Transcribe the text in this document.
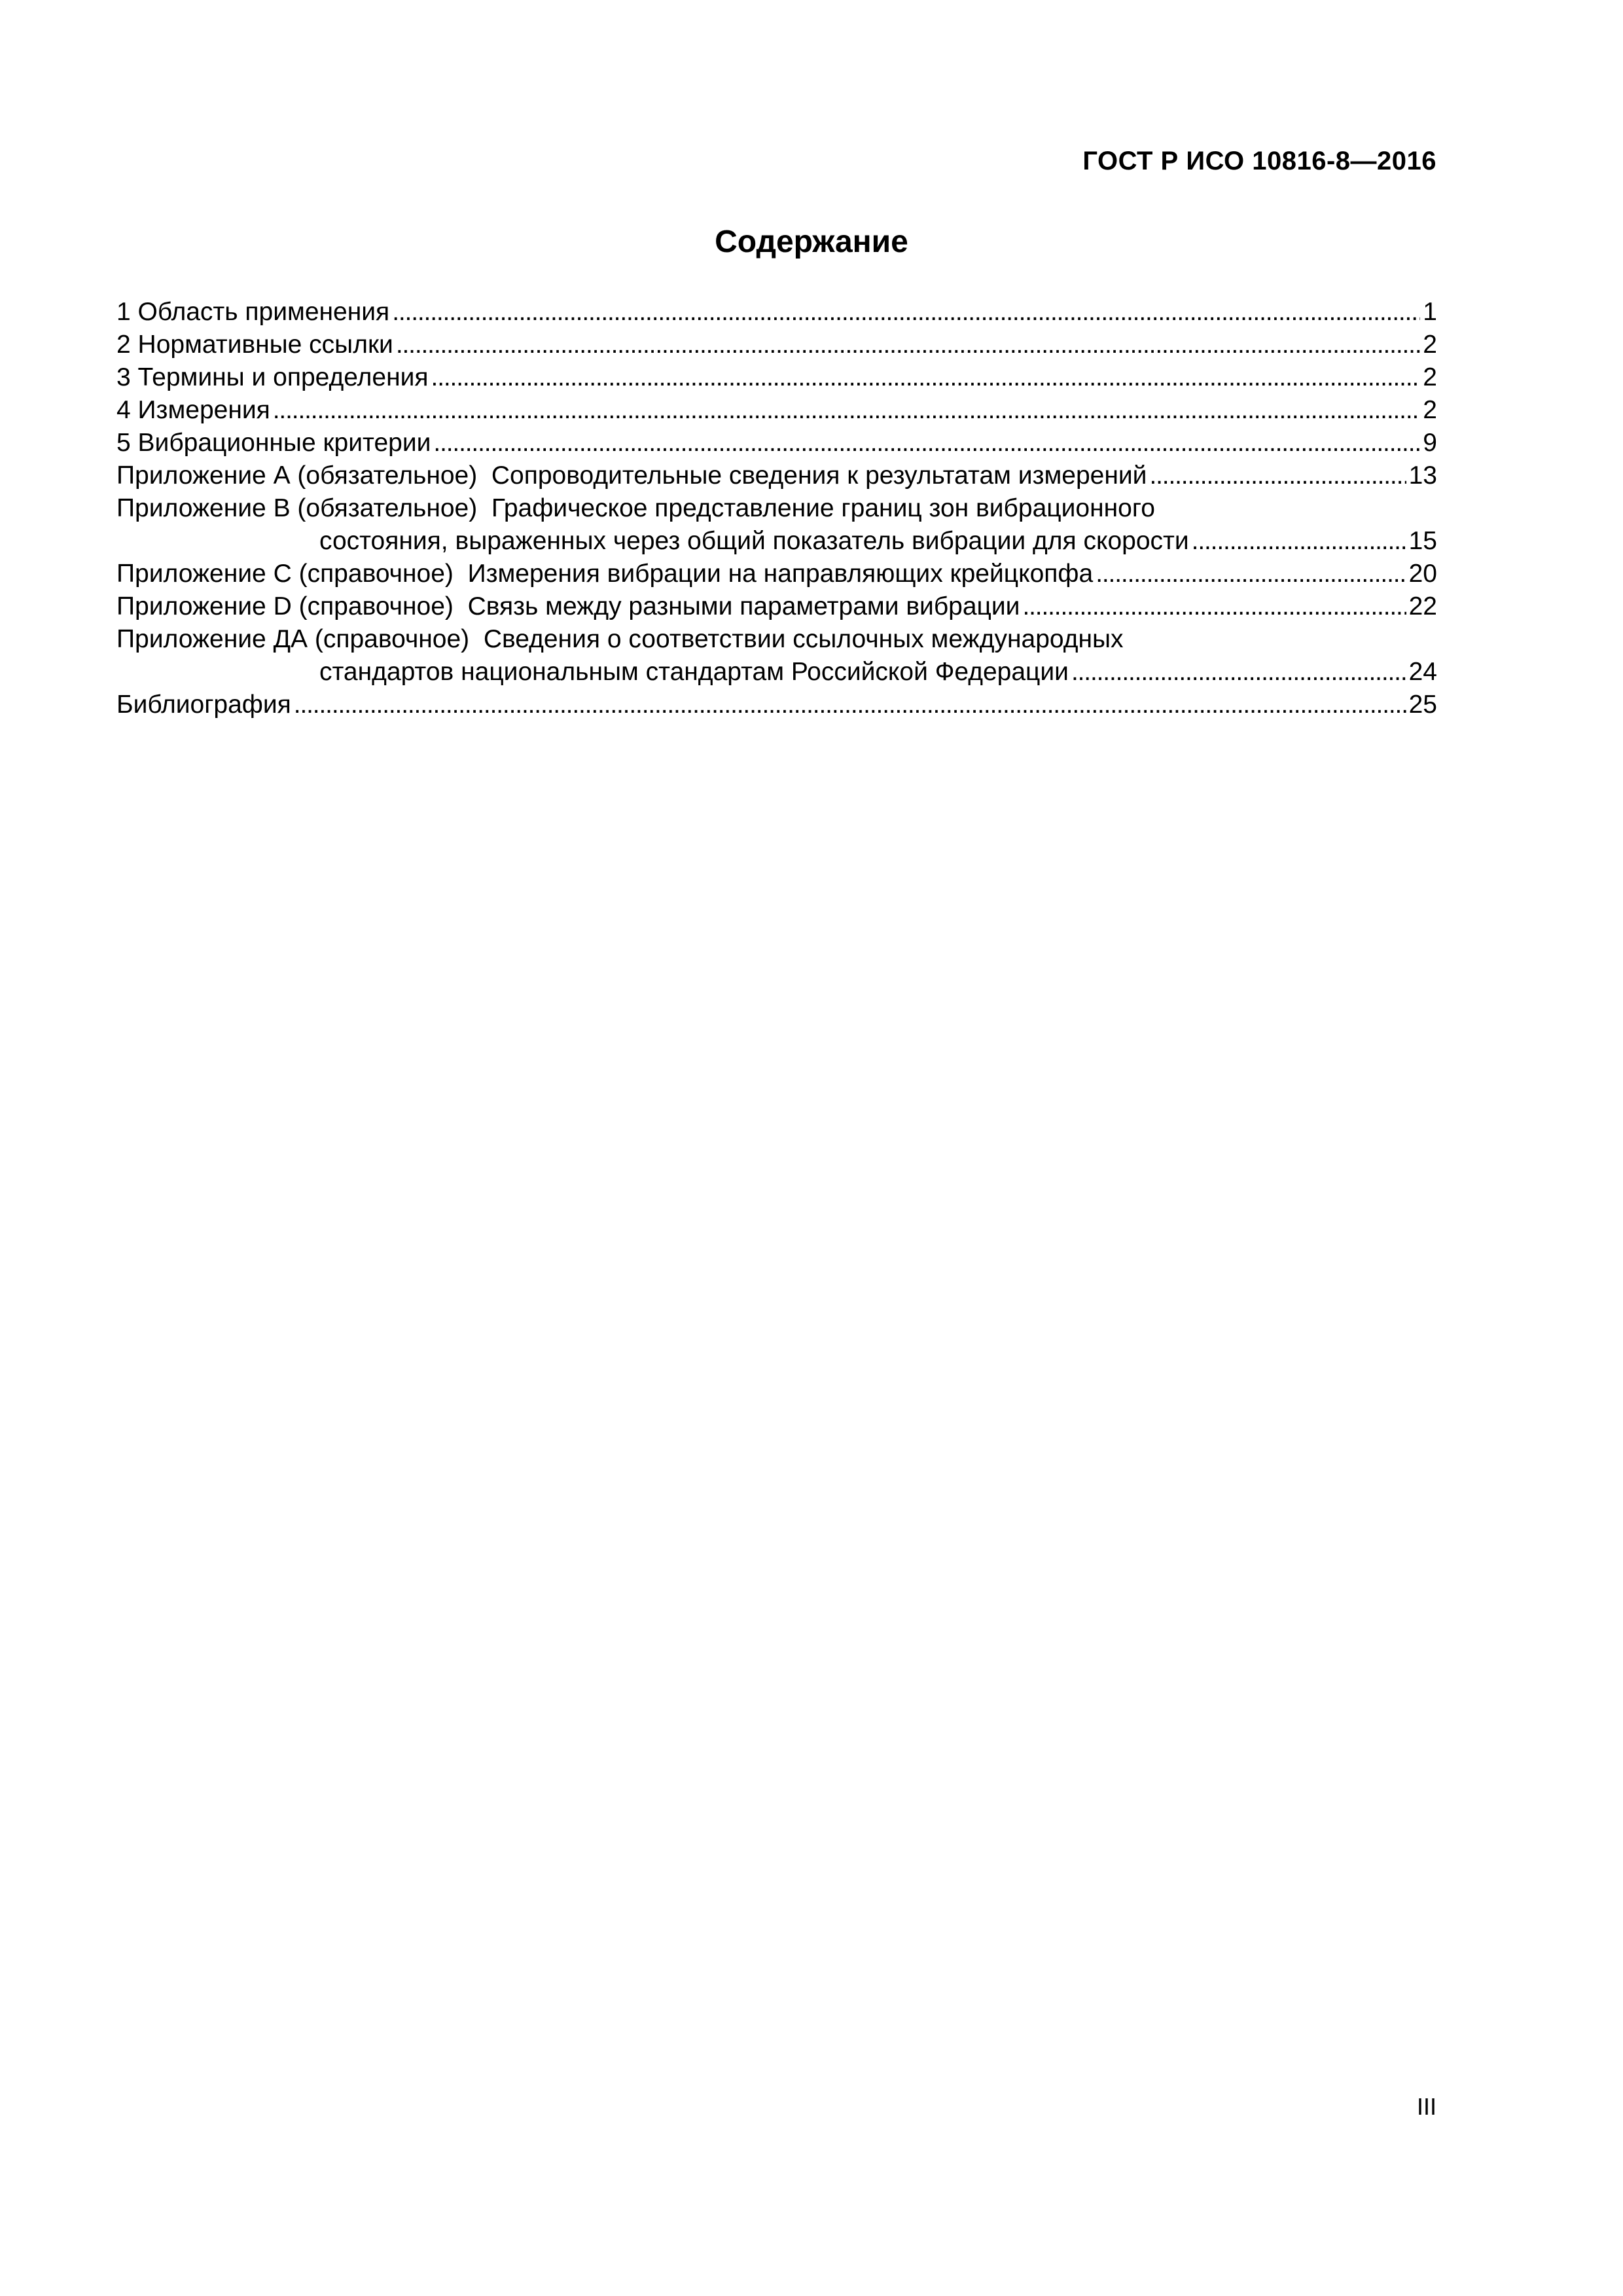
ГОСТ Р ИСО 10816-8—2016
Содержание
1 Область применения . . .	1
2 Нормативные ссылки . . .	2
3 Термины и определения . . .	2
4 Измерения . . .	2
5 Вибрационные критерии . . .	9
Приложение А (обязательное)  Сопроводительные сведения к результатам измерений . . .	13
Приложение В (обязательное)  Графическое представление границ зон вибрационного
состояния, выраженных через общий показатель вибрации для скорости . . .	15
Приложение С (справочное)  Измерения вибрации на направляющих крейцкопфа . . .	20
Приложение D (справочное)  Связь между разными параметрами вибрации . . .	22
Приложение ДА (справочное)  Сведения о соответствии ссылочных международных
стандартов национальным стандартам Российской Федерации . . .	24
Библиография . . .	25
III
